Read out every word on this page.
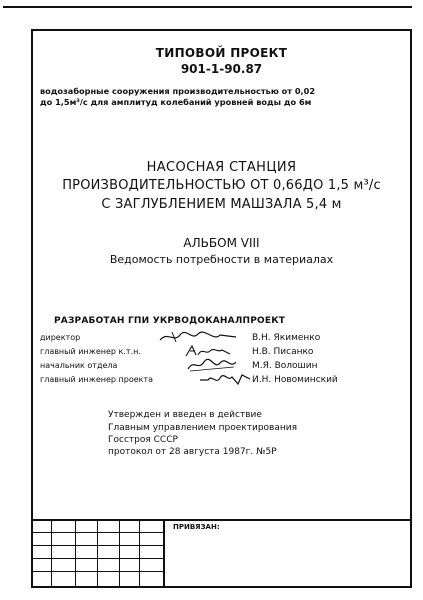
ТИПОВОЙ ПРОЕКТ
901-1-90.87
водозаборные сооружения производительностью от 0,02
до 1,5м³/с для амплитуд колебаний уровней воды до 6м
НАСОСНАЯ СТАНЦИЯ
ПРОИЗВОДИТЕЛЬНОСТЬЮ ОТ 0,66ДО 1,5 м³/с
С ЗАГЛУБЛЕНИЕМ МАШЗАЛА 5,4 м
АЛЬБОМ VIII
Ведомость потребности в материалах
РАЗРАБОТАН ГПИ УКРВОДОКАНАЛПРОЕКТ
директор	В.Н. Якименко
главный инженер к.т.н.	Н.В. Писанко
начальник отдела	М.Я. Волошин
главный инженер проекта	И.Н. Новоминский
Утвержден и введен в действие
Главным управлением проектирования
Госстроя СССР
протокол от 28 августа 1987г. №5Р
ПРИВЯЗАН:
